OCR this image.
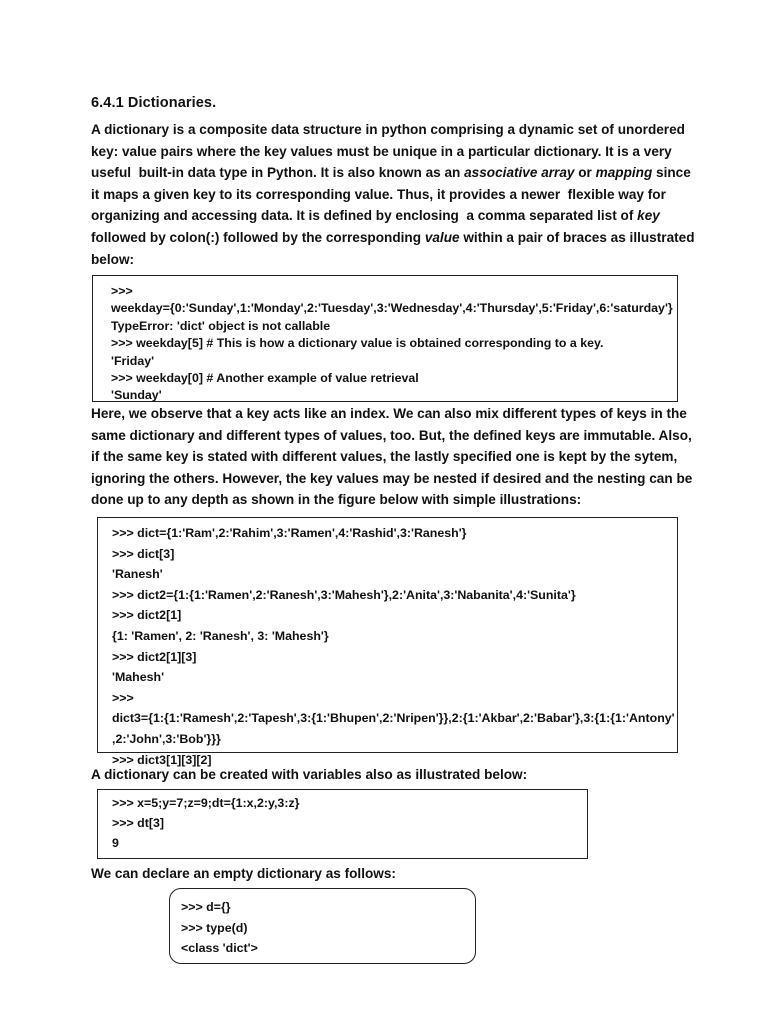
6.4.1 Dictionaries.

A dictionary is a composite data structure in python comprising a dynamic set of unordered

key: value pairs where the key values must be unique in a particular dictionary. It is a very

useful  built-in data type in Python. It is also known as an associative array or mapping since

it maps a given key to its corresponding value. Thus, it provides a newer  flexible way for

organizing and accessing data. It is defined by enclosing  a comma separated list of key

followed by colon(:) followed by the corresponding value within a pair of braces as illustrated

below:

>>>
weekday={0:'Sunday',1:'Monday',2:'Tuesday',3:'Wednesday',4:'Thursday',5:'Friday',6:'saturday'}
TypeError: 'dict' object is not callable
>>> weekday[5] # This is how a dictionary value is obtained corresponding to a key.
'Friday'
>>> weekday[0] # Another example of value retrieval
'Sunday'

Here, we observe that a key acts like an index. We can also mix different types of keys in the

same dictionary and different types of values, too. But, the defined keys are immutable. Also,

if the same key is stated with different values, the lastly specified one is kept by the sytem,

ignoring the others. However, the key values may be nested if desired and the nesting can be

done up to any depth as shown in the figure below with simple illustrations:

>>> dict={1:'Ram',2:'Rahim',3:'Ramen',4:'Rashid',3:'Ranesh'}
>>> dict[3]
'Ranesh'
>>> dict2={1:{1:'Ramen',2:'Ranesh',3:'Mahesh'},2:'Anita',3:'Nabanita',4:'Sunita'}
>>> dict2[1]
{1: 'Ramen', 2: 'Ranesh', 3: 'Mahesh'}
>>> dict2[1][3]
'Mahesh'
>>>
dict3={1:{1:'Ramesh',2:'Tapesh',3:{1:'Bhupen',2:'Nripen'}},2:{1:'Akbar',2:'Babar'},3:{1:{1:'Antony'
,2:'John',3:'Bob'}}}
>>> dict3[1][3][2]

A dictionary can be created with variables also as illustrated below:

>>> x=5;y=7;z=9;dt={1:x,2:y,3:z}
>>> dt[3]
9

We can declare an empty dictionary as follows:

>>> d={}
>>> type(d)
<class 'dict'>
